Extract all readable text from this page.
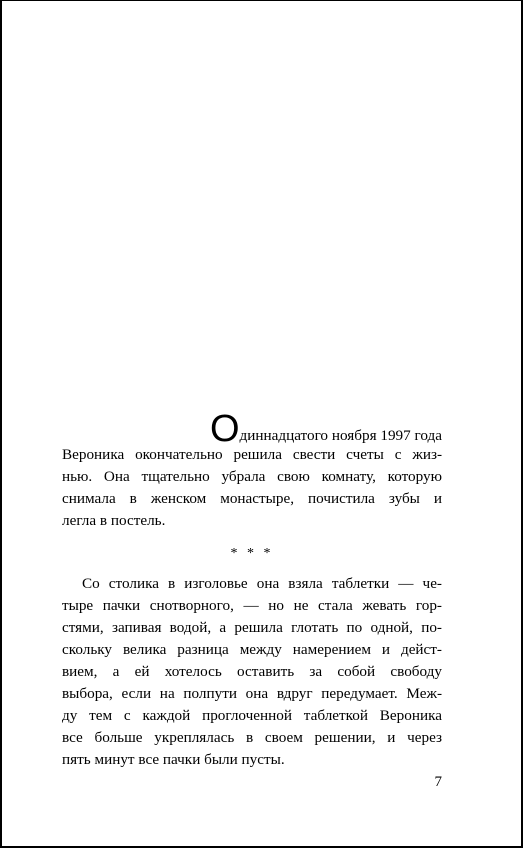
Одиннадцатого ноября 1997 года
Вероника окончательно решила свести счеты с жиз-
нью. Она тщательно убрала свою комнату, которую
снимала в женском монастыре, почистила зубы и
легла в постель.
* * *
Со столика в изголовье она взяла таблетки — че-
тыре пачки снотворного, — но не стала жевать гор-
стями, запивая водой, а решила глотать по одной, по-
скольку велика разница между намерением и дейст-
вием, а ей хотелось оставить за собой свободу
выбора, если на полпути она вдруг передумает. Меж-
ду тем с каждой проглоченной таблеткой Вероника
все больше укреплялась в своем решении, и через
пять минут все пачки были пусты.
7
